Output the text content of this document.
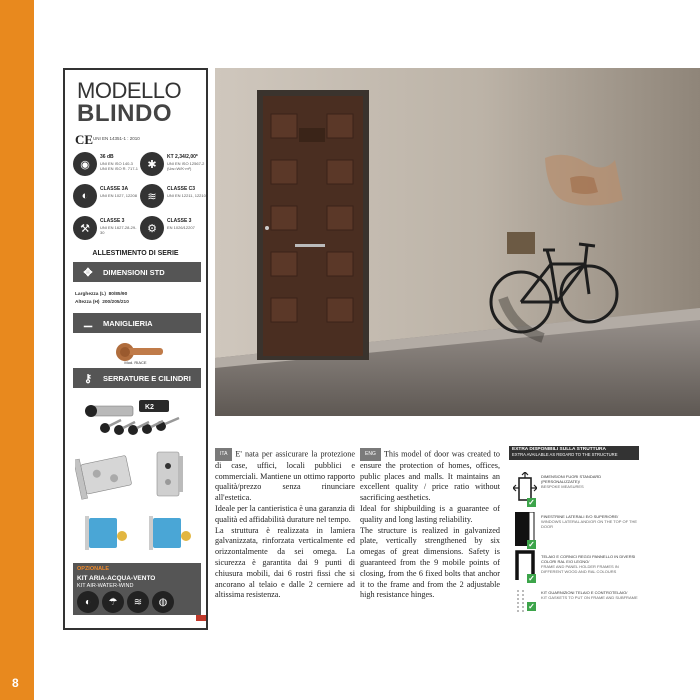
8
MODELLO
BLINDO
CE UNI EN 14351-1 : 2010
◉
36 dB
UNI EN ISO 140-3 UNI EN ISO R. 717-1 ✱
KT 2,34/2,00*
UNI EN ISO 12567-2 (Uw=W/K·m²)
◐
CLASSE 3A
UNI EN 1027, 12208 ≋
CLASSE C3
UNI EN 12211, 12210
⚒
CLASSE 3
UNI EN 1627-28-29-30	⚙
CLASSE 3
EN 1026/12207
ALLESTIMENTO DI SERIE
✥	DIMENSIONI STD
Larghezza (L) 80/85/90
Altezza (H) 200/205/210
⚊	MANIGLIERIA
Mod. RIACE
⚷	SERRATURE E CILINDRI
K2
OPZIONALE
KIT ARIA-ACQUA-VENTO
KIT AIR-WATER-WIND
◐	☂	≋	◍

ITA E' nata per assicurare la protezione di case, uffici, locali pubblici e commerciali. Mantiene un ottimo rapporto qualità/prezzo senza rinunciare all'estetica.

Ideale per la cantieristica è una garanzia di qualità ed affidabilità durature nel tempo.

La struttura è realizzata in lamiera galvanizzata, rinforzata verticalmente ed orizzontalmente da sei omega. La sicurezza è garantita dai 9 punti di chiusura mobili, dai 6 rostri fissi che si ancorano al telaio e dalle 2 cerniere ad altissima resistenza.

ENG This model of door was created to ensure the protection of homes, offices, public places and malls. It maintains an excellent quality / price ratio without sacrificing aesthetics.

Ideal for shipbuilding is a guarantee of quality and long lasting reliability.

The structure is realized in galvanized plate, vertically strengthened by six omegas of great dimensions. Safety is guaranteed from the 9 mobile points of closing, from the 6 fixed bolts that anchor it to the frame and from the 2 adjustable high resistance hinges.

EXTRA DISPONIBILI SULLA STRUTTURA
EXTRA AVAILABLE AS REGARD TO THE STRUCTURE
✓
DIMENSIONI FUORI STANDARD (PERSONALIZZATE)/
BESPOKE MEASURES
✓
FINESTRINE LATERALI E/O SUPERIORE/
WINDOWS LATERAL AND/OR ON THE TOP OF THE DOOR
✓
TELAIO E CORNICI REGGI PANNELLO IN DIVERSI COLORI RAL E/O LEGNO/
FRAME AND PANEL HOLDER FRAMES IN DIFFERENT WOOD AND RAL COLOURS
✓
KIT GUARNIZIONI TELAIO E CONTROTELAIO/
KIT GASKETS TO PUT ON FRAME AND SUBFRAME
